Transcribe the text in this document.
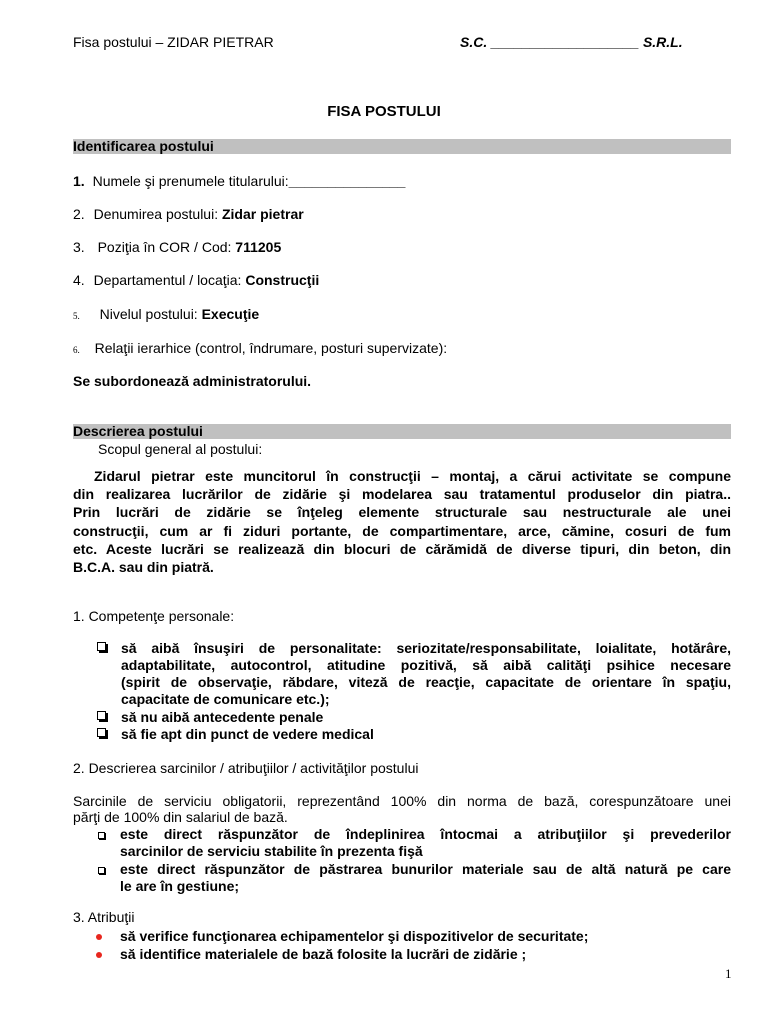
Fisa postului – ZIDAR PIETRAR	S.C. ___________________ S.R.L.
FISA POSTULUI
Identificarea postului
1. Numele şi prenumele titularului:_______________
2. Denumirea postului: Zidar pietrar
3. Poziţia în COR / Cod: 711205
4. Departamentul / locaţia: Construcţii
5. Nivelul postului: Execuţie
6. Relaţii ierarhice (control, îndrumare, posturi supervizate):
Se subordonează administratorului.
Descrierea postului
Scopul general al postului:
Zidarul pietrar este muncitorul în construcţii – montaj, a cărui activitate se compune
din realizarea lucrărilor de zidărie şi modelarea sau tratamentul produselor din piatra..
Prin lucrări de zidărie se înţeleg elemente structurale sau nestructurale ale unei
construcţii, cum ar fi ziduri portante, de compartimentare, arce, cămine, cosuri de fum
etc. Aceste lucrări se realizează din blocuri de cărămidă de diverse tipuri, din beton, din
B.C.A. sau din piatră.
1. Competenţe personale:
să aibă însuşiri de personalitate: seriozitate/responsabilitate, loialitate, hotărâre,
adaptabilitate, autocontrol, atitudine pozitivă, să aibă calităţi psihice necesare
(spirit de observaţie, răbdare, viteză de reacţie, capacitate de orientare în spaţiu,
capacitate de comunicare etc.);
să nu aibă antecedente penale
să fie apt din punct de vedere medical
2. Descrierea sarcinilor / atribuţiilor / activităţilor postului
Sarcinile de serviciu obligatorii, reprezentând 100% din norma de bază, corespunzătoare unei
părţi de 100% din salariul de bază.
este direct răspunzător de îndeplinirea întocmai a atribuţiilor şi prevederilor
sarcinilor de serviciu stabilite în prezenta fişă
este direct răspunzător de păstrarea bunurilor materiale sau de altă natură pe care
le are în gestiune;
3. Atribuţii
să verifice funcţionarea echipamentelor şi dispozitivelor de securitate;
să identifice materialele de bază folosite la lucrări de zidărie ;
1
